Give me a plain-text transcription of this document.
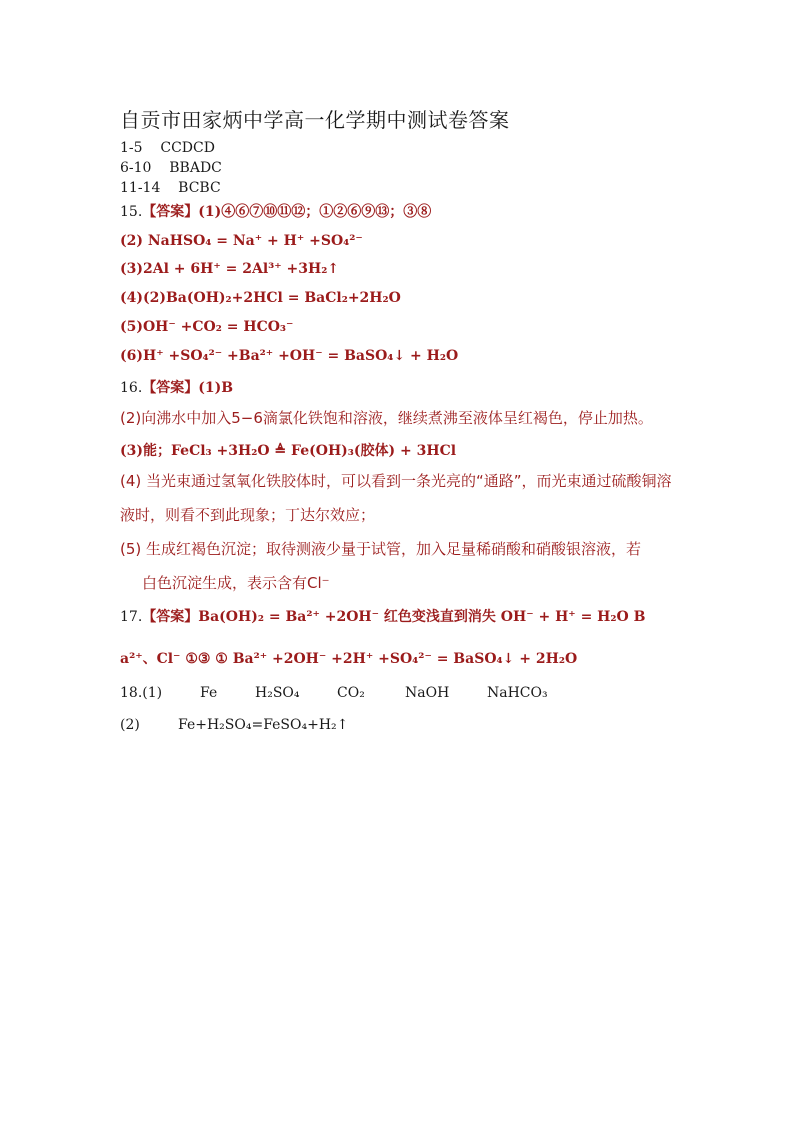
自贡市田家炳中学高一化学期中测试卷答案
1-5 CCDCD
6-10 BBADC
11-14 BCBC
15.【答案】(1)④⑥⑦⑩⑪⑫；①②⑥⑨⑬；③⑧
(2) NaHSO₄ = Na⁺ + H⁺ +SO₄²⁻
(3)2Al + 6H⁺ = 2Al³⁺ +3H₂↑
(4)(2)Ba(OH)₂+2HCl = BaCl₂+2H₂O
(5)OH⁻ +CO₂ = HCO₃⁻
(6)H⁺ +SO₄²⁻ +Ba²⁺ +OH⁻ = BaSO₄↓ + H₂O
16.【答案】(1)B
(2)向沸水中加入5−6滴氯化铁饱和溶液，继续煮沸至液体呈红褐色，停止加热。
(3)能；FeCl₃ +3H₂O ≜ Fe(OH)₃(胶体) + 3HCl
(4) 当光束通过氢氧化铁胶体时，可以看到一条光亮的“通路”，而光束通过硫酸铜溶液时，则看不到此现象；丁达尔效应；
(5) 生成红褐色沉淀；取待测液少量于试管，加入足量稀硝酸和硝酸银溶液，若
白色沉淀生成，表示含有Cl⁻
17.【答案】Ba(OH)₂ = Ba²⁺ +2OH⁻ 红色变浅直到消失 OH⁻ + H⁺ = H₂O B
a²⁺、Cl⁻ ①③ ① Ba²⁺ +2OH⁻ +2H⁺ +SO₄²⁻ = BaSO₄↓ + 2H₂O
18.(1)	Fe	H₂SO₄	CO₂	NaOH	NaHCO₃
(2)	Fe+H₂SO₄=FeSO₄+H₂↑
